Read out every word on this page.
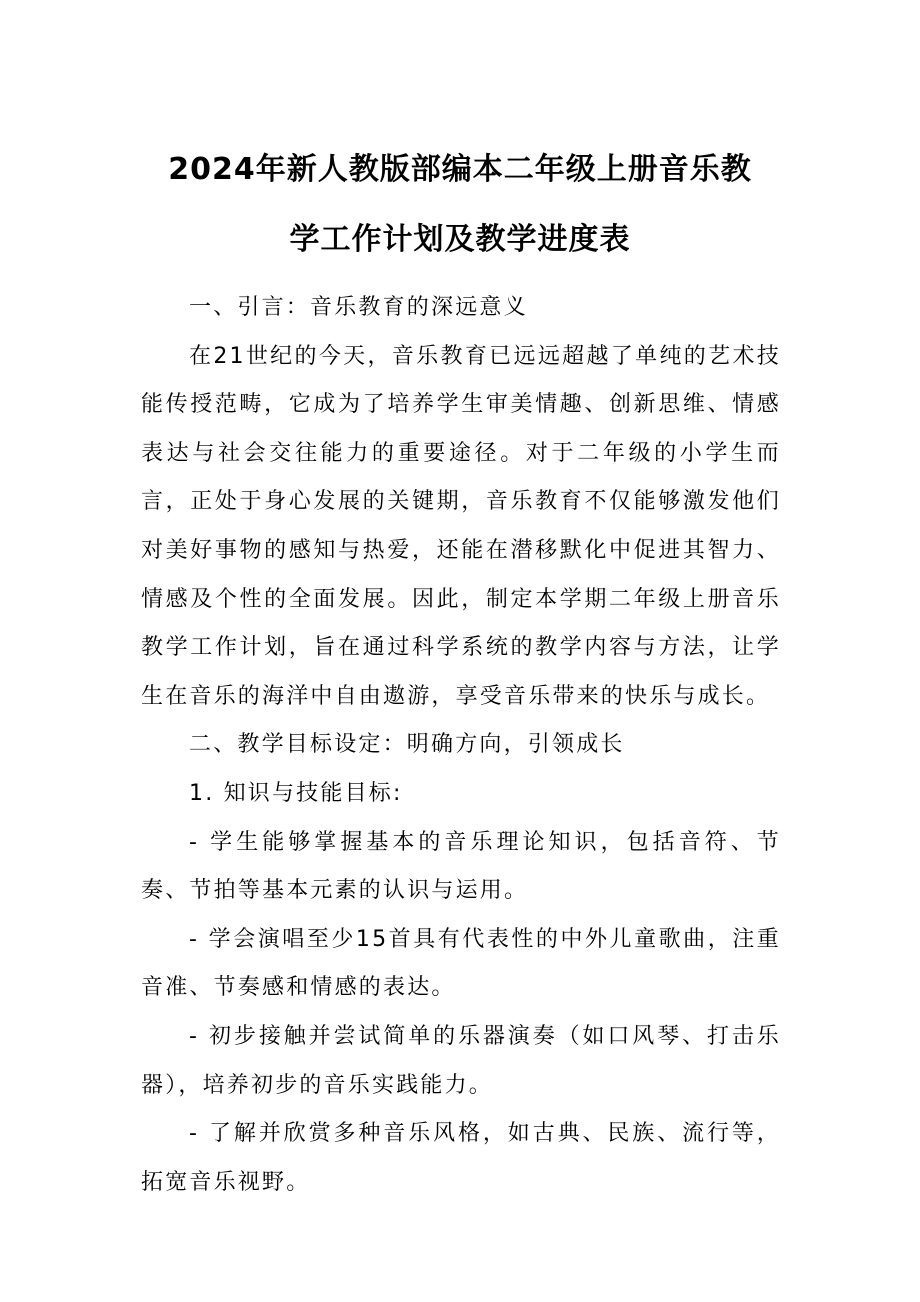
2024年新人教版部编本二年级上册音乐教
学工作计划及教学进度表

一、引言：音乐教育的深远意义

在21世纪的今天，音乐教育已远远超越了单纯的艺术技能传授范畴，它成为了培养学生审美情趣、创新思维、情感表达与社会交往能力的重要途径。对于二年级的小学生而言，正处于身心发展的关键期，音乐教育不仅能够激发他们对美好事物的感知与热爱，还能在潜移默化中促进其智力、情感及个性的全面发展。因此，制定本学期二年级上册音乐教学工作计划，旨在通过科学系统的教学内容与方法，让学生在音乐的海洋中自由遨游，享受音乐带来的快乐与成长。

二、教学目标设定：明确方向，引领成长

1. 知识与技能目标:

- 学生能够掌握基本的音乐理论知识，包括音符、节奏、节拍等基本元素的认识与运用。

- 学会演唱至少15首具有代表性的中外儿童歌曲，注重音准、节奏感和情感的表达。

- 初步接触并尝试简单的乐器演奏（如口风琴、打击乐器），培养初步的音乐实践能力。

- 了解并欣赏多种音乐风格，如古典、民族、流行等，拓宽音乐视野。
